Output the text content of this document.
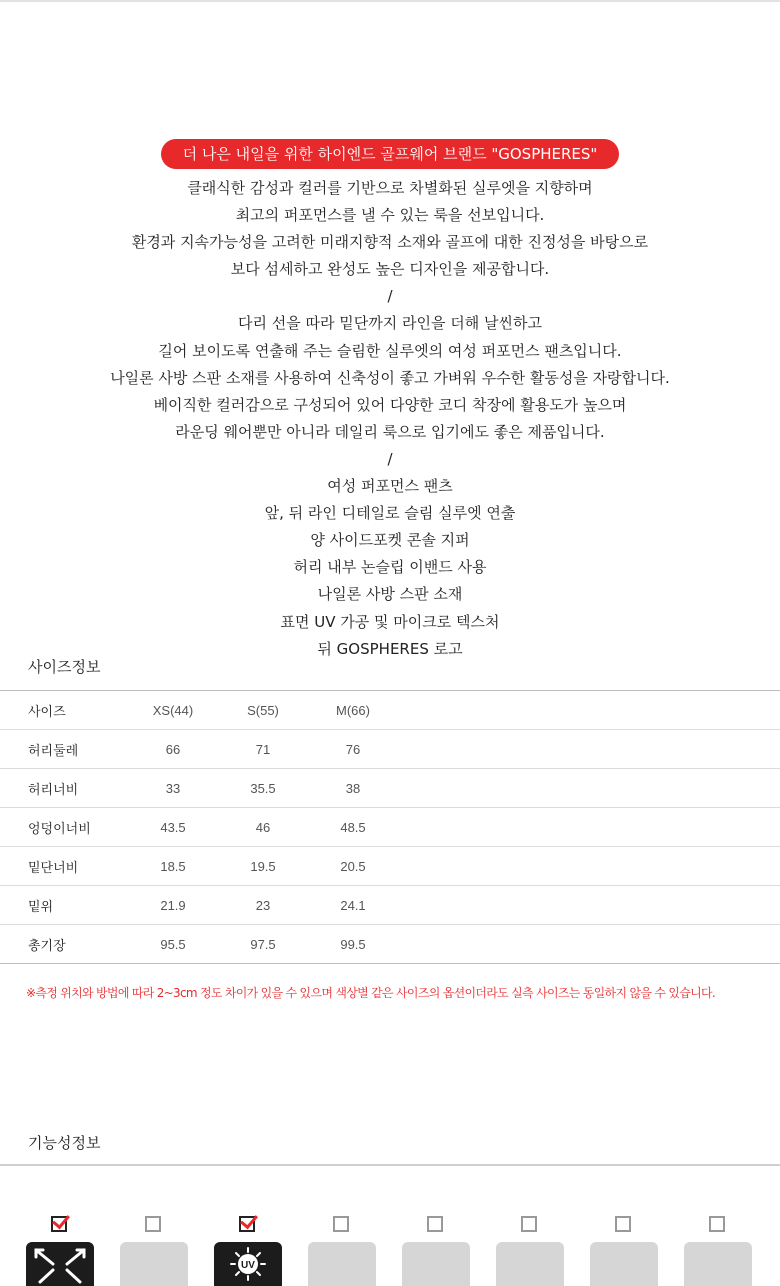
더 나은 내일을 위한 하이엔드 골프웨어 브랜드 "GOSPHERES"
클래식한 감성과 컬러를 기반으로 차별화된 실루엣을 지향하며
최고의 퍼포먼스를 낼 수 있는 룩을 선보입니다.
환경과 지속가능성을 고려한 미래지향적 소재와 골프에 대한 진정성을 바탕으로
보다 섬세하고 완성도 높은 디자인을 제공합니다.
/
다리 선을 따라 밑단까지 라인을 더해 날씬하고
길어 보이도록 연출해 주는 슬림한 실루엣의 여성 퍼포먼스 팬츠입니다.
나일론 사방 스판 소재를 사용하여 신축성이 좋고 가벼워 우수한 활동성을 자랑합니다.
베이직한 컬러감으로 구성되어 있어 다양한 코디 착장에 활용도가 높으며
라운딩 웨어뿐만 아니라 데일리 룩으로 입기에도 좋은 제품입니다.
/
여성 퍼포먼스 팬츠
앞, 뒤 라인 디테일로 슬림 실루엣 연출
양 사이드포켓 콘솔 지퍼
허리 내부 논슬립 이밴드 사용
나일론 사방 스판 소재
표면 UV 가공 및 마이크로 텍스처
뒤 GOSPHERES 로고
사이즈정보
사이즈	XS(44)	S(55)	M(66)	
허리둘레	66	71	76	
허리너비	33	35.5	38	
엉덩이너비	43.5	46	48.5	
밑단너비	18.5	19.5	20.5	
밑위	21.9	23	24.1	
총기장	95.5	97.5	99.5	
※측정 위치와 방법에 따라 2~3cm 정도 차이가 있을 수 있으며 색상별 같은 사이즈의 옵션이더라도 실측 사이즈는 동일하지 않을 수 있습니다.
기능성정보
UV
